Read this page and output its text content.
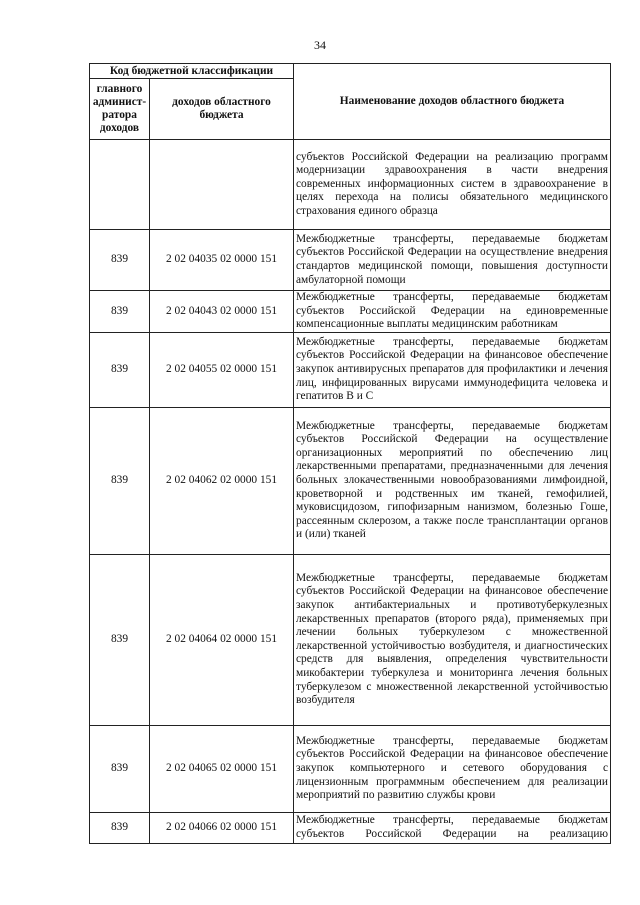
34
Код бюджетной классификации		Наименование доходов областного бюджета
главного админист-ратора доходов	доходов областного бюджета	
		субъектов Российской Федерации на реализацию программ модернизации здравоохранения в части внедрения современных информационных систем в здравоохранение в целях перехода на полисы обязательного медицинского страхования единого образца
839	2 02 04035 02 0000 151	Межбюджетные трансферты, передаваемые бюджетам субъектов Российской Федерации на осуществление внедрения стандартов медицинской помощи, повышения доступности амбулаторной помощи
839	2 02 04043 02 0000 151	Межбюджетные трансферты, передаваемые бюджетам субъектов Российской Федерации на единовременные компенсационные выплаты медицинским работникам
839	2 02 04055 02 0000 151	Межбюджетные трансферты, передаваемые бюджетам субъектов Российской Федерации на финансовое обеспечение закупок антивирусных препаратов для профилактики и лечения лиц, инфицированных вирусами иммунодефицита человека и гепатитов В и С
839	2 02 04062 02 0000 151	Межбюджетные трансферты, передаваемые бюджетам субъектов Российской Федерации на осуществление организационных мероприятий по обеспечению лиц лекарственными препаратами, предназначенными для лечения больных злокачественными новообразованиями лимфоидной, кроветворной и родственных им тканей, гемофилией, муковисцидозом, гипофизарным нанизмом, болезнью Гоше, рассеянным склерозом, а также после трансплантации органов и (или) тканей
839	2 02 04064 02 0000 151	Межбюджетные трансферты, передаваемые бюджетам субъектов Российской Федерации на финансовое обеспечение закупок антибактериальных и противотуберкулезных лекарственных препаратов (второго ряда), применяемых при лечении больных туберкулезом с множественной лекарственной устойчивостью возбудителя, и диагностических средств для выявления, определения чувствительности микобактерии туберкулеза и мониторинга лечения больных туберкулезом с множественной лекарственной устойчивостью возбудителя
839	2 02 04065 02 0000 151	Межбюджетные трансферты, передаваемые бюджетам субъектов Российской Федерации на финансовое обеспечение закупок компьютерного и сетевого оборудования с лицензионным программным обеспечением для реализации мероприятий по развитию службы крови
839	2 02 04066 02 0000 151	Межбюджетные трансферты, передаваемые бюджетам субъектов Российской Федерации на реализацию
